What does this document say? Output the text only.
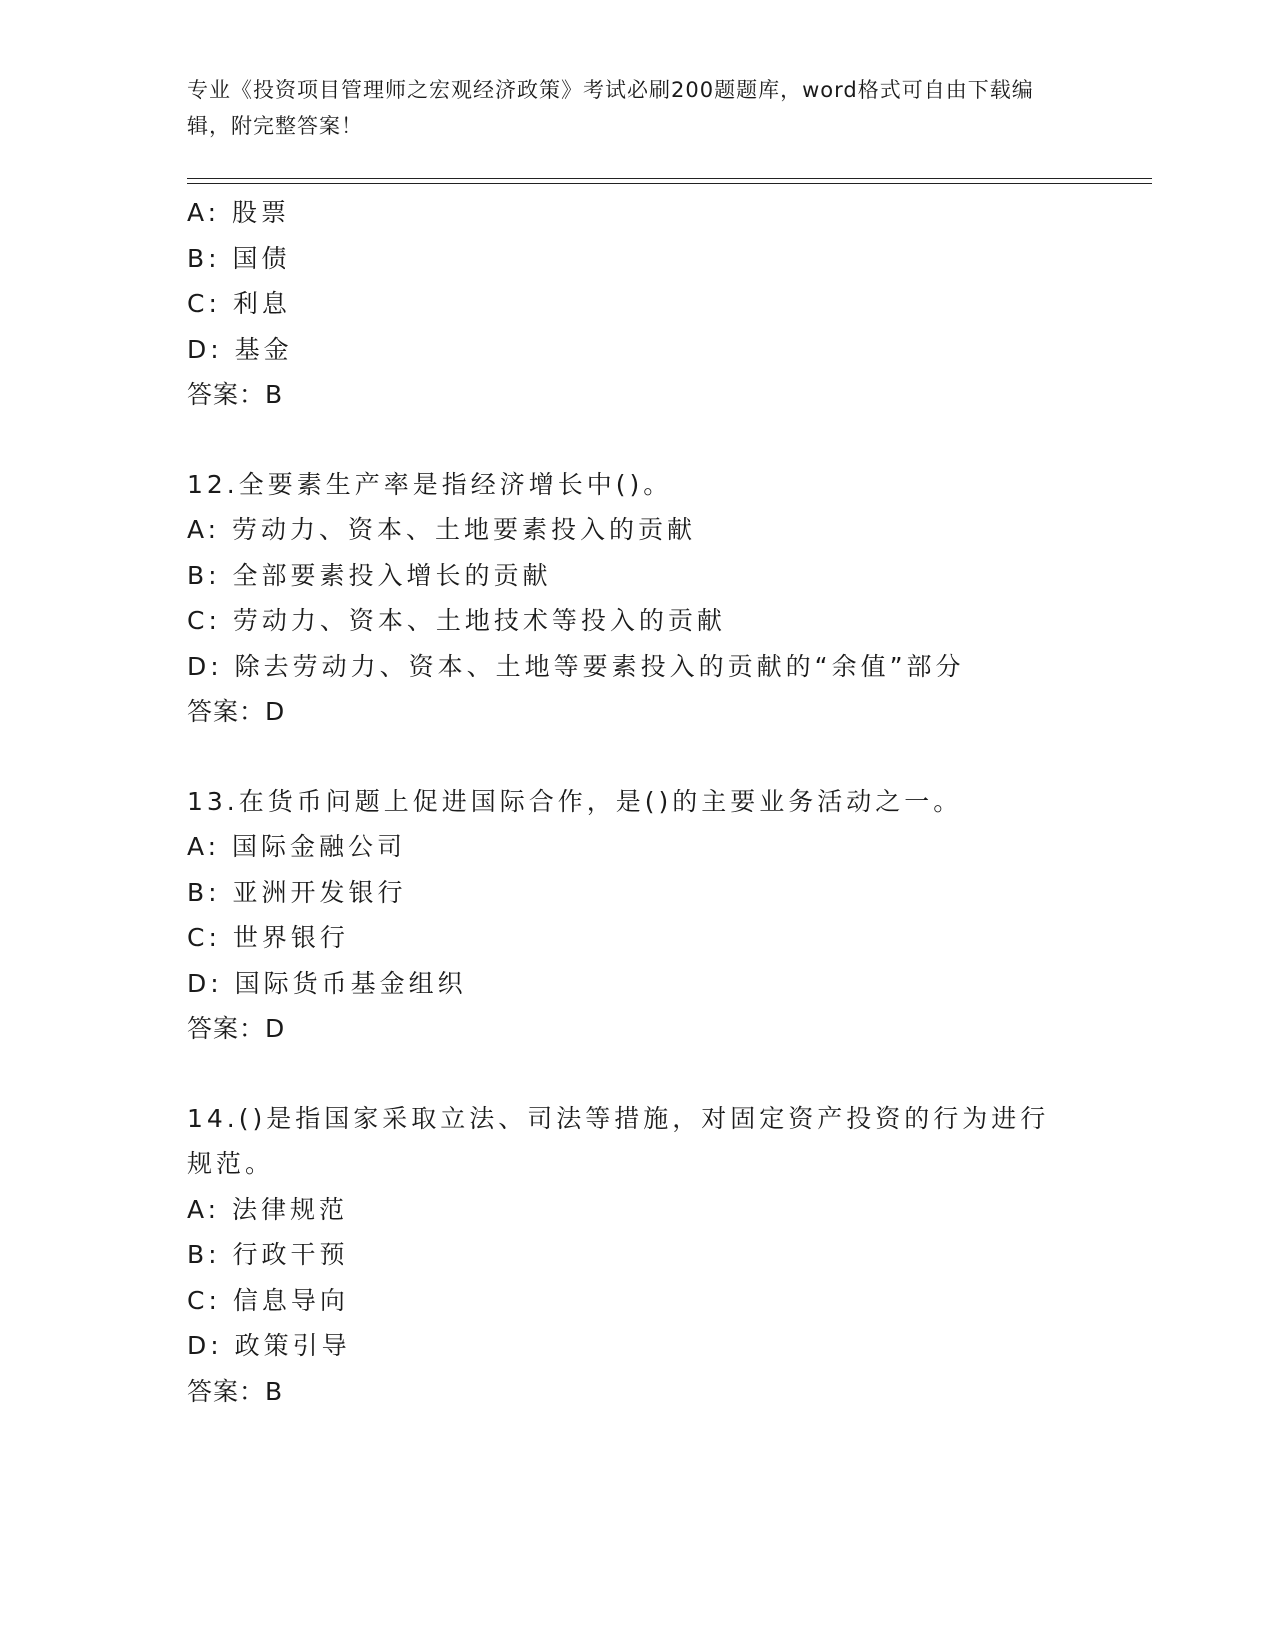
专业《投资项目管理师之宏观经济政策》考试必刷200题题库，word格式可自由下载编辑，附完整答案！
A: 股票
B: 国债
C: 利息
D: 基金
答案：B
12.全要素生产率是指经济增长中()。
A: 劳动力、资本、土地要素投入的贡献
B: 全部要素投入增长的贡献
C: 劳动力、资本、土地技术等投入的贡献
D: 除去劳动力、资本、土地等要素投入的贡献的“余值”部分
答案：D
13.在货币问题上促进国际合作，是()的主要业务活动之一。
A: 国际金融公司
B: 亚洲开发银行
C: 世界银行
D: 国际货币基金组织
答案：D
14.()是指国家采取立法、司法等措施，对固定资产投资的行为进行规范。
A: 法律规范
B: 行政干预
C: 信息导向
D: 政策引导
答案：B
